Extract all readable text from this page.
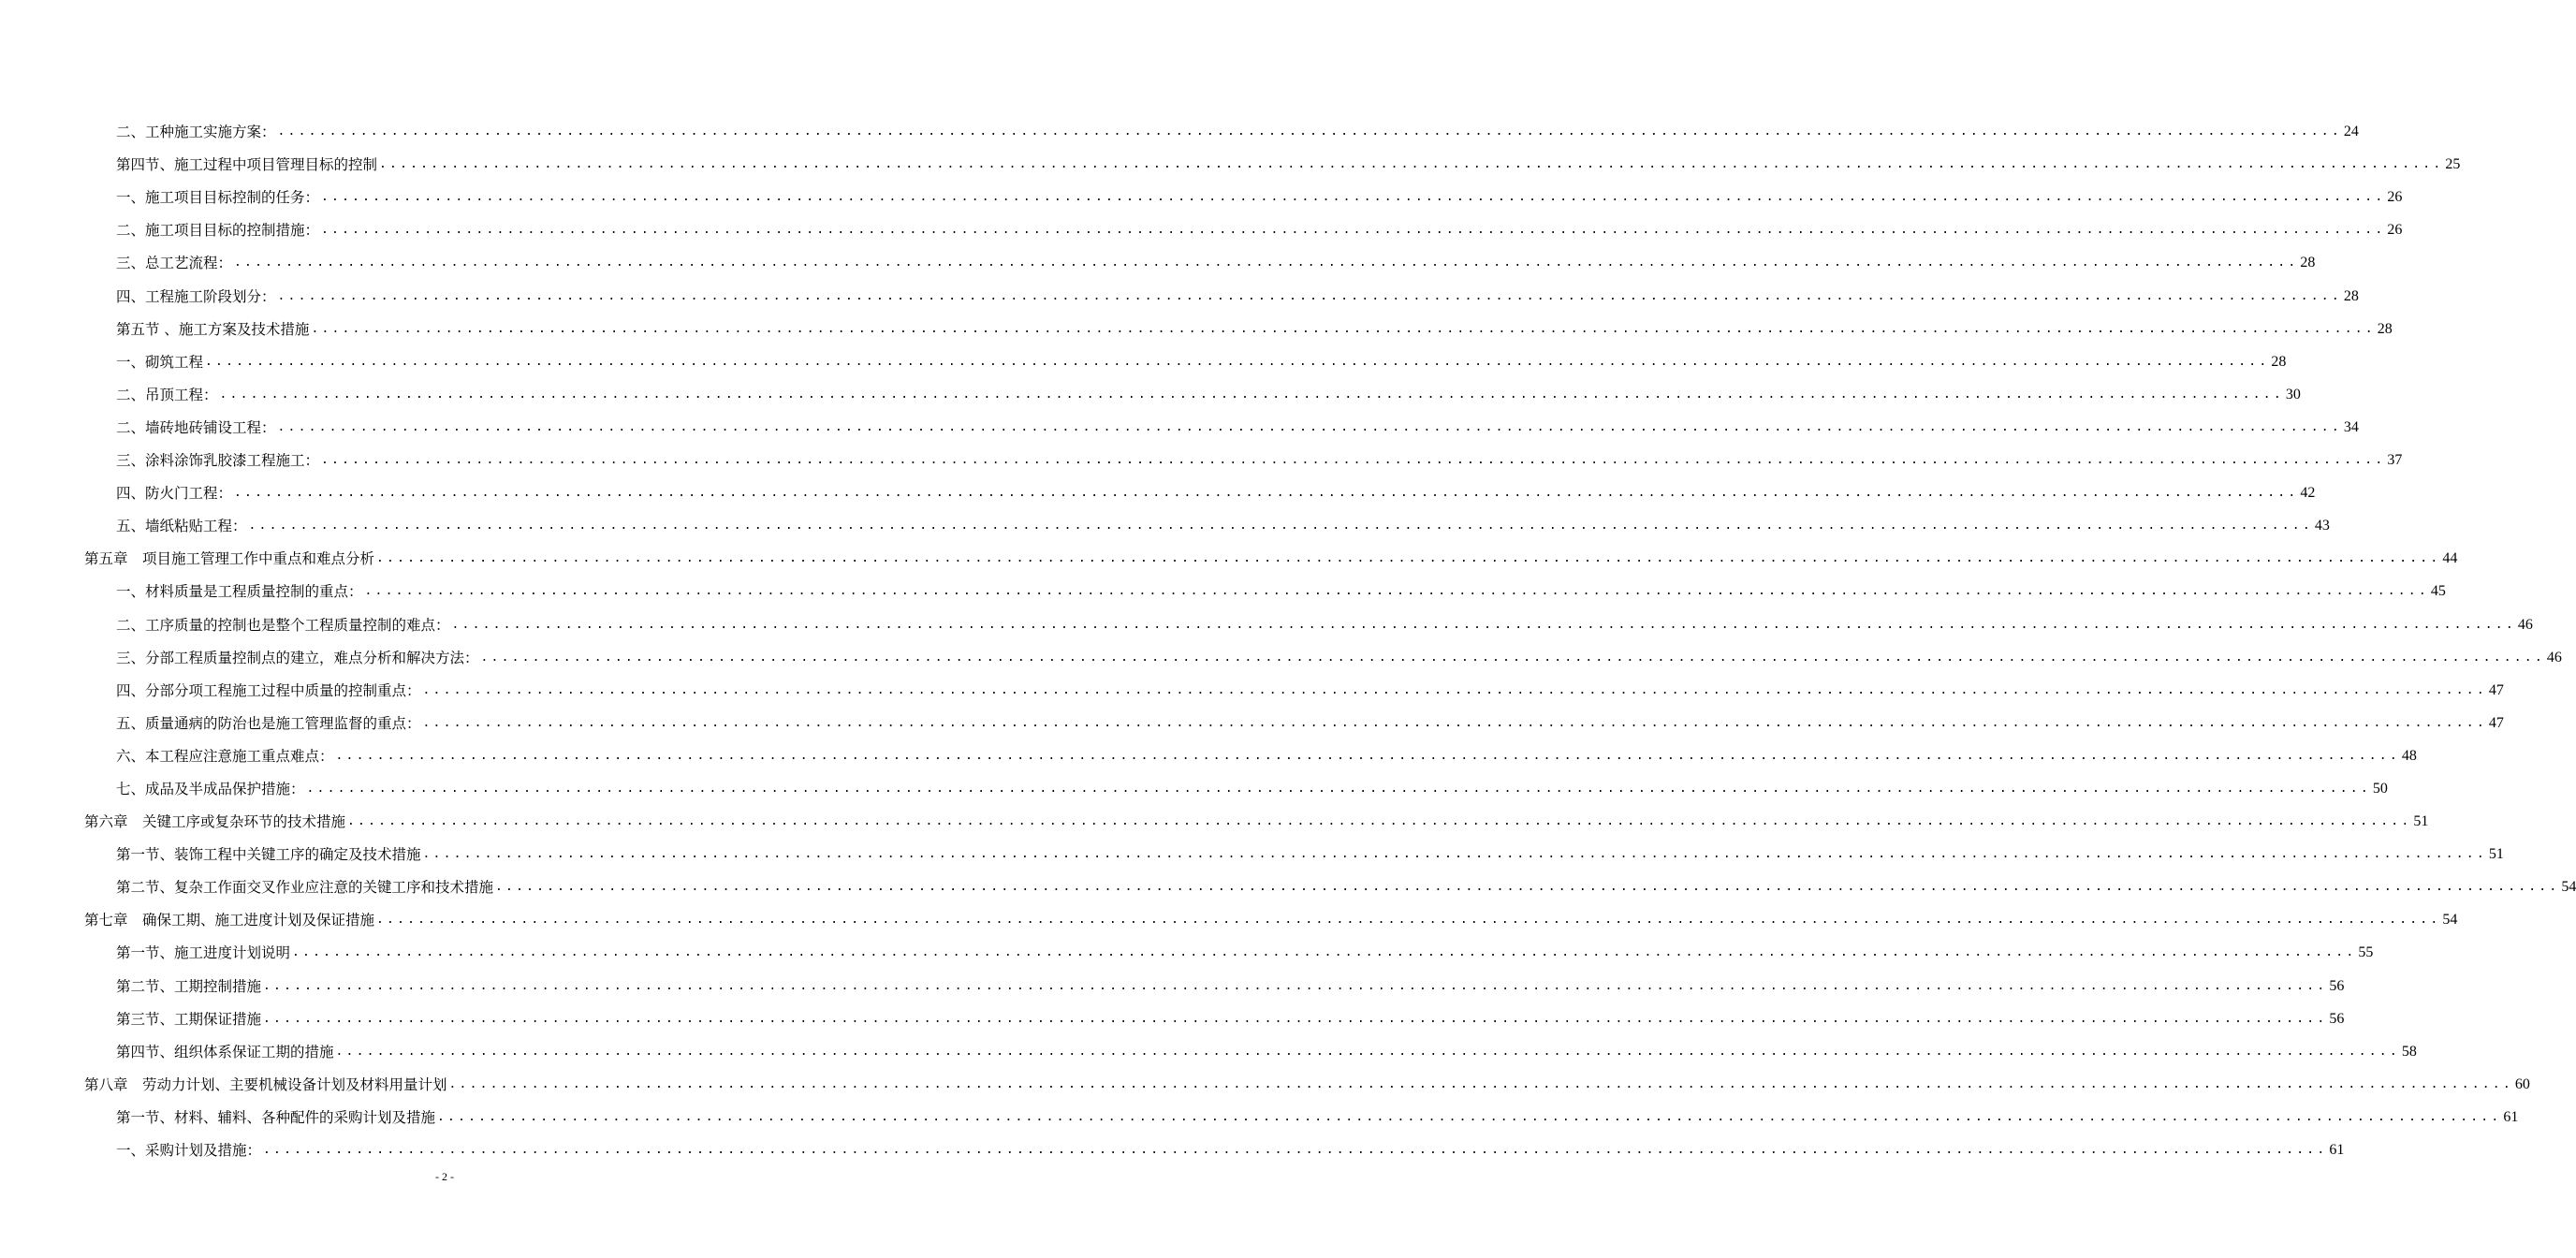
二、工种施工实施方案： ........................................................................................................................................................................................................ 24
第四节、施工过程中项目管理目标的控制 ........................................................................................................................................................................................................ 25
一、施工项目目标控制的任务： ........................................................................................................................................................................................................ 26
二、施工项目目标的控制措施： ........................................................................................................................................................................................................ 26
三、总工艺流程： ........................................................................................................................................................................................................ 28
四、工程施工阶段划分： ........................................................................................................................................................................................................ 28
第五节 、施工方案及技术措施 ........................................................................................................................................................................................................ 28
一、砌筑工程 ........................................................................................................................................................................................................ 28
二、吊顶工程： ........................................................................................................................................................................................................ 30
二、墙砖地砖铺设工程： ........................................................................................................................................................................................................ 34
三、涂料涂饰乳胶漆工程施工： ........................................................................................................................................................................................................ 37
四、防火门工程： ........................................................................................................................................................................................................ 42
五、墙纸粘贴工程： ........................................................................................................................................................................................................ 43
第五章　项目施工管理工作中重点和难点分析 ........................................................................................................................................................................................................ 44
一、材料质量是工程质量控制的重点： ........................................................................................................................................................................................................ 45
二、工序质量的控制也是整个工程质量控制的难点： ........................................................................................................................................................................................................ 46
三、分部工程质量控制点的建立，难点分析和解决方法： ........................................................................................................................................................................................................ 46
四、分部分项工程施工过程中质量的控制重点： ........................................................................................................................................................................................................ 47
五、质量通病的防治也是施工管理监督的重点： ........................................................................................................................................................................................................ 47
六、本工程应注意施工重点难点： ........................................................................................................................................................................................................ 48
七、成品及半成品保护措施： ........................................................................................................................................................................................................ 50
第六章　关键工序或复杂环节的技术措施 ........................................................................................................................................................................................................ 51
第一节、装饰工程中关键工序的确定及技术措施 ........................................................................................................................................................................................................ 51
第二节、复杂工作面交叉作业应注意的关键工序和技术措施 ........................................................................................................................................................................................................ 54
第七章　确保工期、施工进度计划及保证措施 ........................................................................................................................................................................................................ 54
第一节、施工进度计划说明 ........................................................................................................................................................................................................ 55
第二节、工期控制措施 ........................................................................................................................................................................................................ 56
第三节、工期保证措施 ........................................................................................................................................................................................................ 56
第四节、组织体系保证工期的措施 ........................................................................................................................................................................................................ 58
第八章　劳动力计划、主要机械设备计划及材料用量计划 ........................................................................................................................................................................................................ 60
第一节、材料、辅料、各种配件的采购计划及措施 ........................................................................................................................................................................................................ 61
一、采购计划及措施： ........................................................................................................................................................................................................ 61
- 2 -
